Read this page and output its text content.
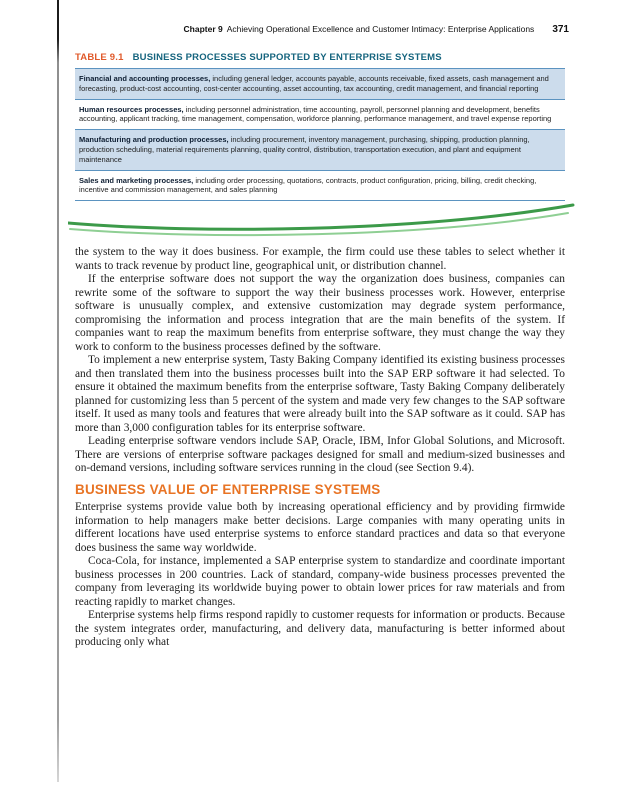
Chapter 9 Achieving Operational Excellence and Customer Intimacy: Enterprise Applications 371
TABLE 9.1 BUSINESS PROCESSES SUPPORTED BY ENTERPRISE SYSTEMS
Financial and accounting processes, including general ledger, accounts payable, accounts receivable, fixed assets, cash management and forecasting, product-cost accounting, cost-center accounting, asset accounting, tax accounting, credit management, and financial reporting
Human resources processes, including personnel administration, time accounting, payroll, personnel planning and development, benefits accounting, applicant tracking, time management, compensation, workforce planning, performance management, and travel expense reporting
Manufacturing and production processes, including procurement, inventory management, purchasing, shipping, production planning, production scheduling, material requirements planning, quality control, distribution, transportation execution, and plant and equipment maintenance
Sales and marketing processes, including order processing, quotations, contracts, product configuration, pricing, billing, credit checking, incentive and commission management, and sales planning

the system to the way it does business. For example, the firm could use these tables to select whether it wants to track revenue by product line, geographical unit, or distribution channel.

If the enterprise software does not support the way the organization does business, companies can rewrite some of the software to support the way their business processes work. However, enterprise software is unusually complex, and extensive customization may degrade system performance, compromising the information and process integration that are the main benefits of the system. If companies want to reap the maximum benefits from enterprise software, they must change the way they work to conform to the business processes defined by the software.

To implement a new enterprise system, Tasty Baking Company identified its existing business processes and then translated them into the business processes built into the SAP ERP software it had selected. To ensure it obtained the maximum benefits from the enterprise software, Tasty Baking Company deliberately planned for customizing less than 5 percent of the system and made very few changes to the SAP software itself. It used as many tools and features that were already built into the SAP software as it could. SAP has more than 3,000 configuration tables for its enterprise software.

Leading enterprise software vendors include SAP, Oracle, IBM, Infor Global Solutions, and Microsoft. There are versions of enterprise software packages designed for small and medium-sized businesses and on-demand versions, including software services running in the cloud (see Section 9.4).

BUSINESS VALUE OF ENTERPRISE SYSTEMS

Enterprise systems provide value both by increasing operational efficiency and by providing firmwide information to help managers make better decisions. Large companies with many operating units in different locations have used enterprise systems to enforce standard practices and data so that everyone does business the same way worldwide.

Coca-Cola, for instance, implemented a SAP enterprise system to standardize and coordinate important business processes in 200 countries. Lack of standard, company-wide business processes prevented the company from leveraging its worldwide buying power to obtain lower prices for raw materials and from reacting rapidly to market changes.

Enterprise systems help firms respond rapidly to customer requests for information or products. Because the system integrates order, manufacturing, and delivery data, manufacturing is better informed about producing only what
